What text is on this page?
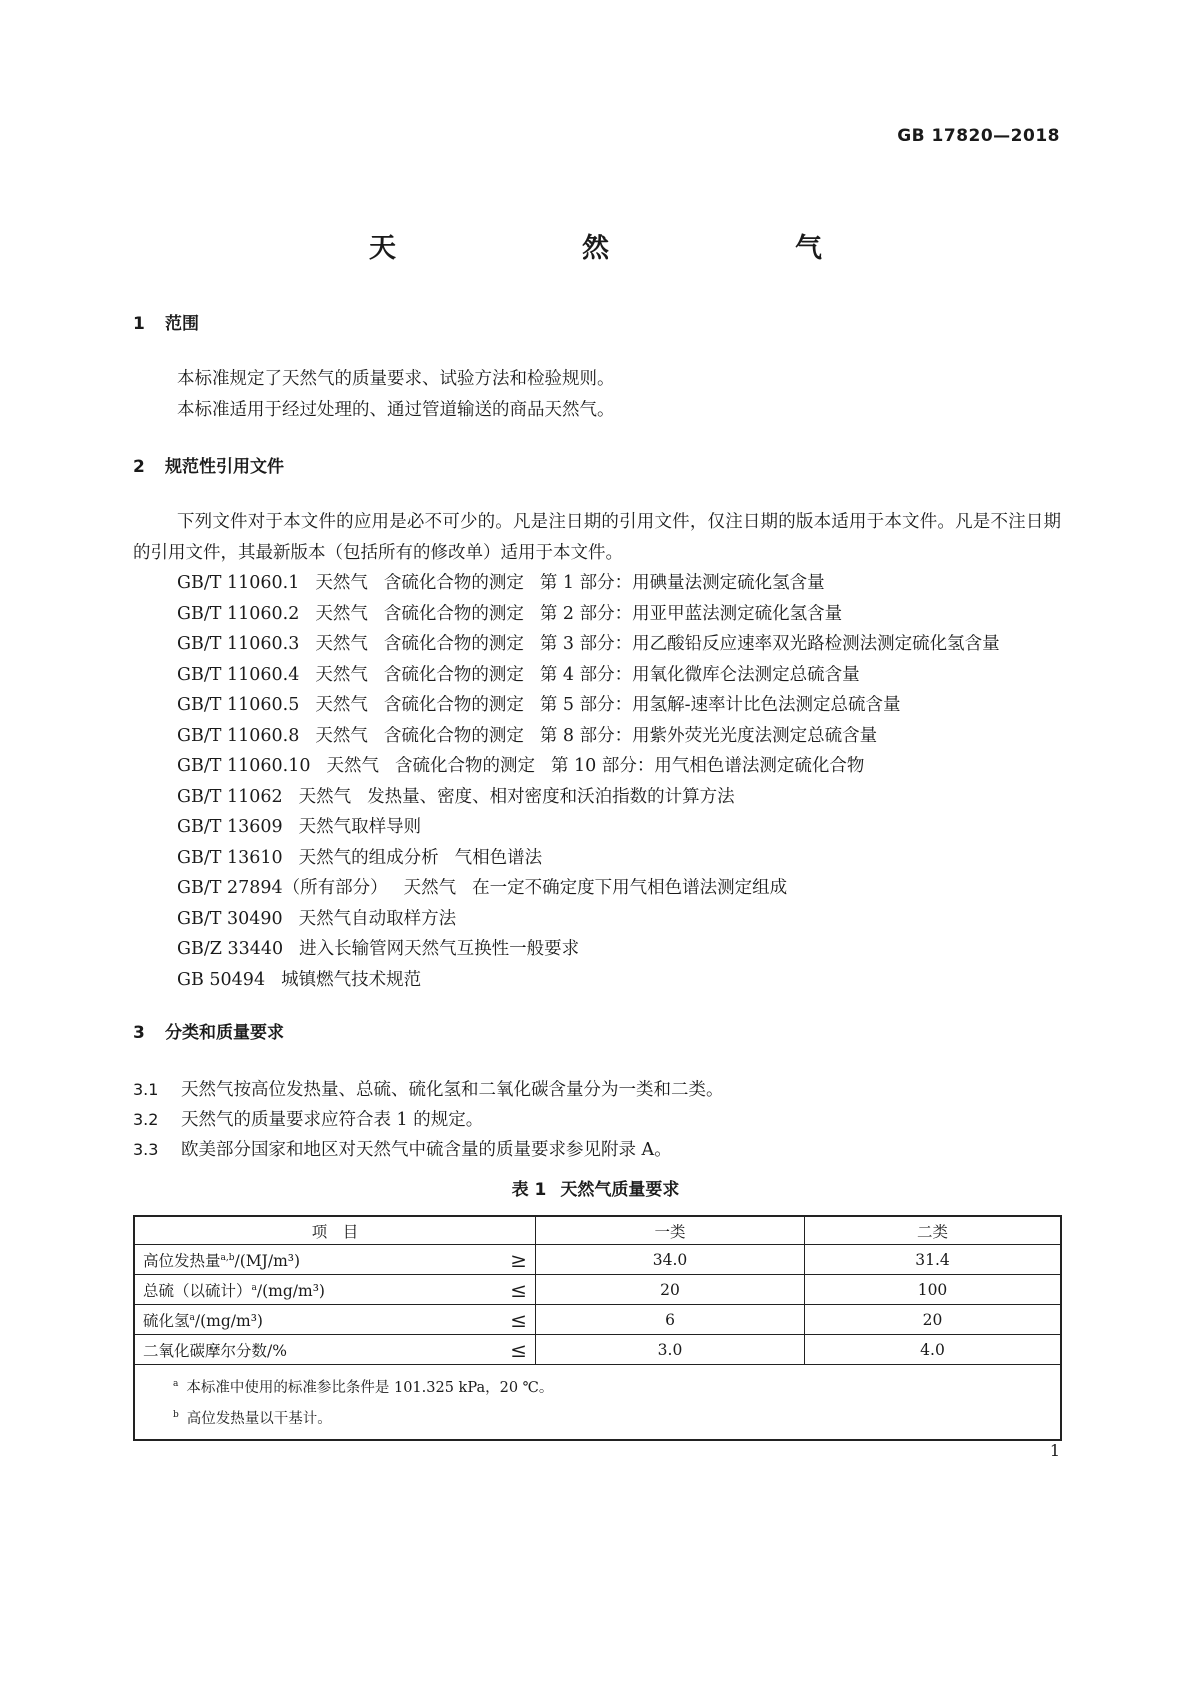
GB 17820—2018
天　　然　　气
1 范围

本标准规定了天然气的质量要求、试验方法和检验规则。

本标准适用于经过处理的、通过管道输送的商品天然气。

2 规范性引用文件

下列文件对于本文件的应用是必不可少的。凡是注日期的引用文件，仅注日期的版本适用于本文件。凡是不注日期的引用文件，其最新版本（包括所有的修改单）适用于本文件。

GB/T 11060.1 天然气 含硫化合物的测定 第 1 部分：用碘量法测定硫化氢含量
GB/T 11060.2 天然气 含硫化合物的测定 第 2 部分：用亚甲蓝法测定硫化氢含量
GB/T 11060.3 天然气 含硫化合物的测定 第 3 部分：用乙酸铅反应速率双光路检测法测定硫化氢含量
GB/T 11060.4 天然气 含硫化合物的测定 第 4 部分：用氧化微库仑法测定总硫含量
GB/T 11060.5 天然气 含硫化合物的测定 第 5 部分：用氢解-速率计比色法测定总硫含量
GB/T 11060.8 天然气 含硫化合物的测定 第 8 部分：用紫外荧光光度法测定总硫含量
GB/T 11060.10 天然气 含硫化合物的测定 第 10 部分：用气相色谱法测定硫化合物
GB/T 11062 天然气 发热量、密度、相对密度和沃泊指数的计算方法
GB/T 13609 天然气取样导则
GB/T 13610 天然气的组成分析 气相色谱法
GB/T 27894（所有部分） 天然气 在一定不确定度下用气相色谱法测定组成
GB/T 30490 天然气自动取样方法
GB/Z 33440 进入长输管网天然气互换性一般要求
GB 50494 城镇燃气技术规范
3 分类和质量要求
3.1 天然气按高位发热量、总硫、硫化氢和二氧化碳含量分为一类和二类。
3.2 天然气的质量要求应符合表 1 的规定。
3.3 欧美部分国家和地区对天然气中硫含量的质量要求参见附录 A。
表 1 天然气质量要求
项　目		一类	二类
高位发热量$^{a,b}$/(MJ/m³)	≥	34.0	31.4
总硫（以硫计）$^a$/(mg/m³)	≤	20	100
硫化氢$^a$/(mg/m³)	≤	6	20
二氧化碳摩尔分数/%	≤	3.0	4.0

$^a$ 本标准中使用的标准参比条件是 101.325 kPa，20 ℃。
$^b$ 高位发热量以干基计。			
1
